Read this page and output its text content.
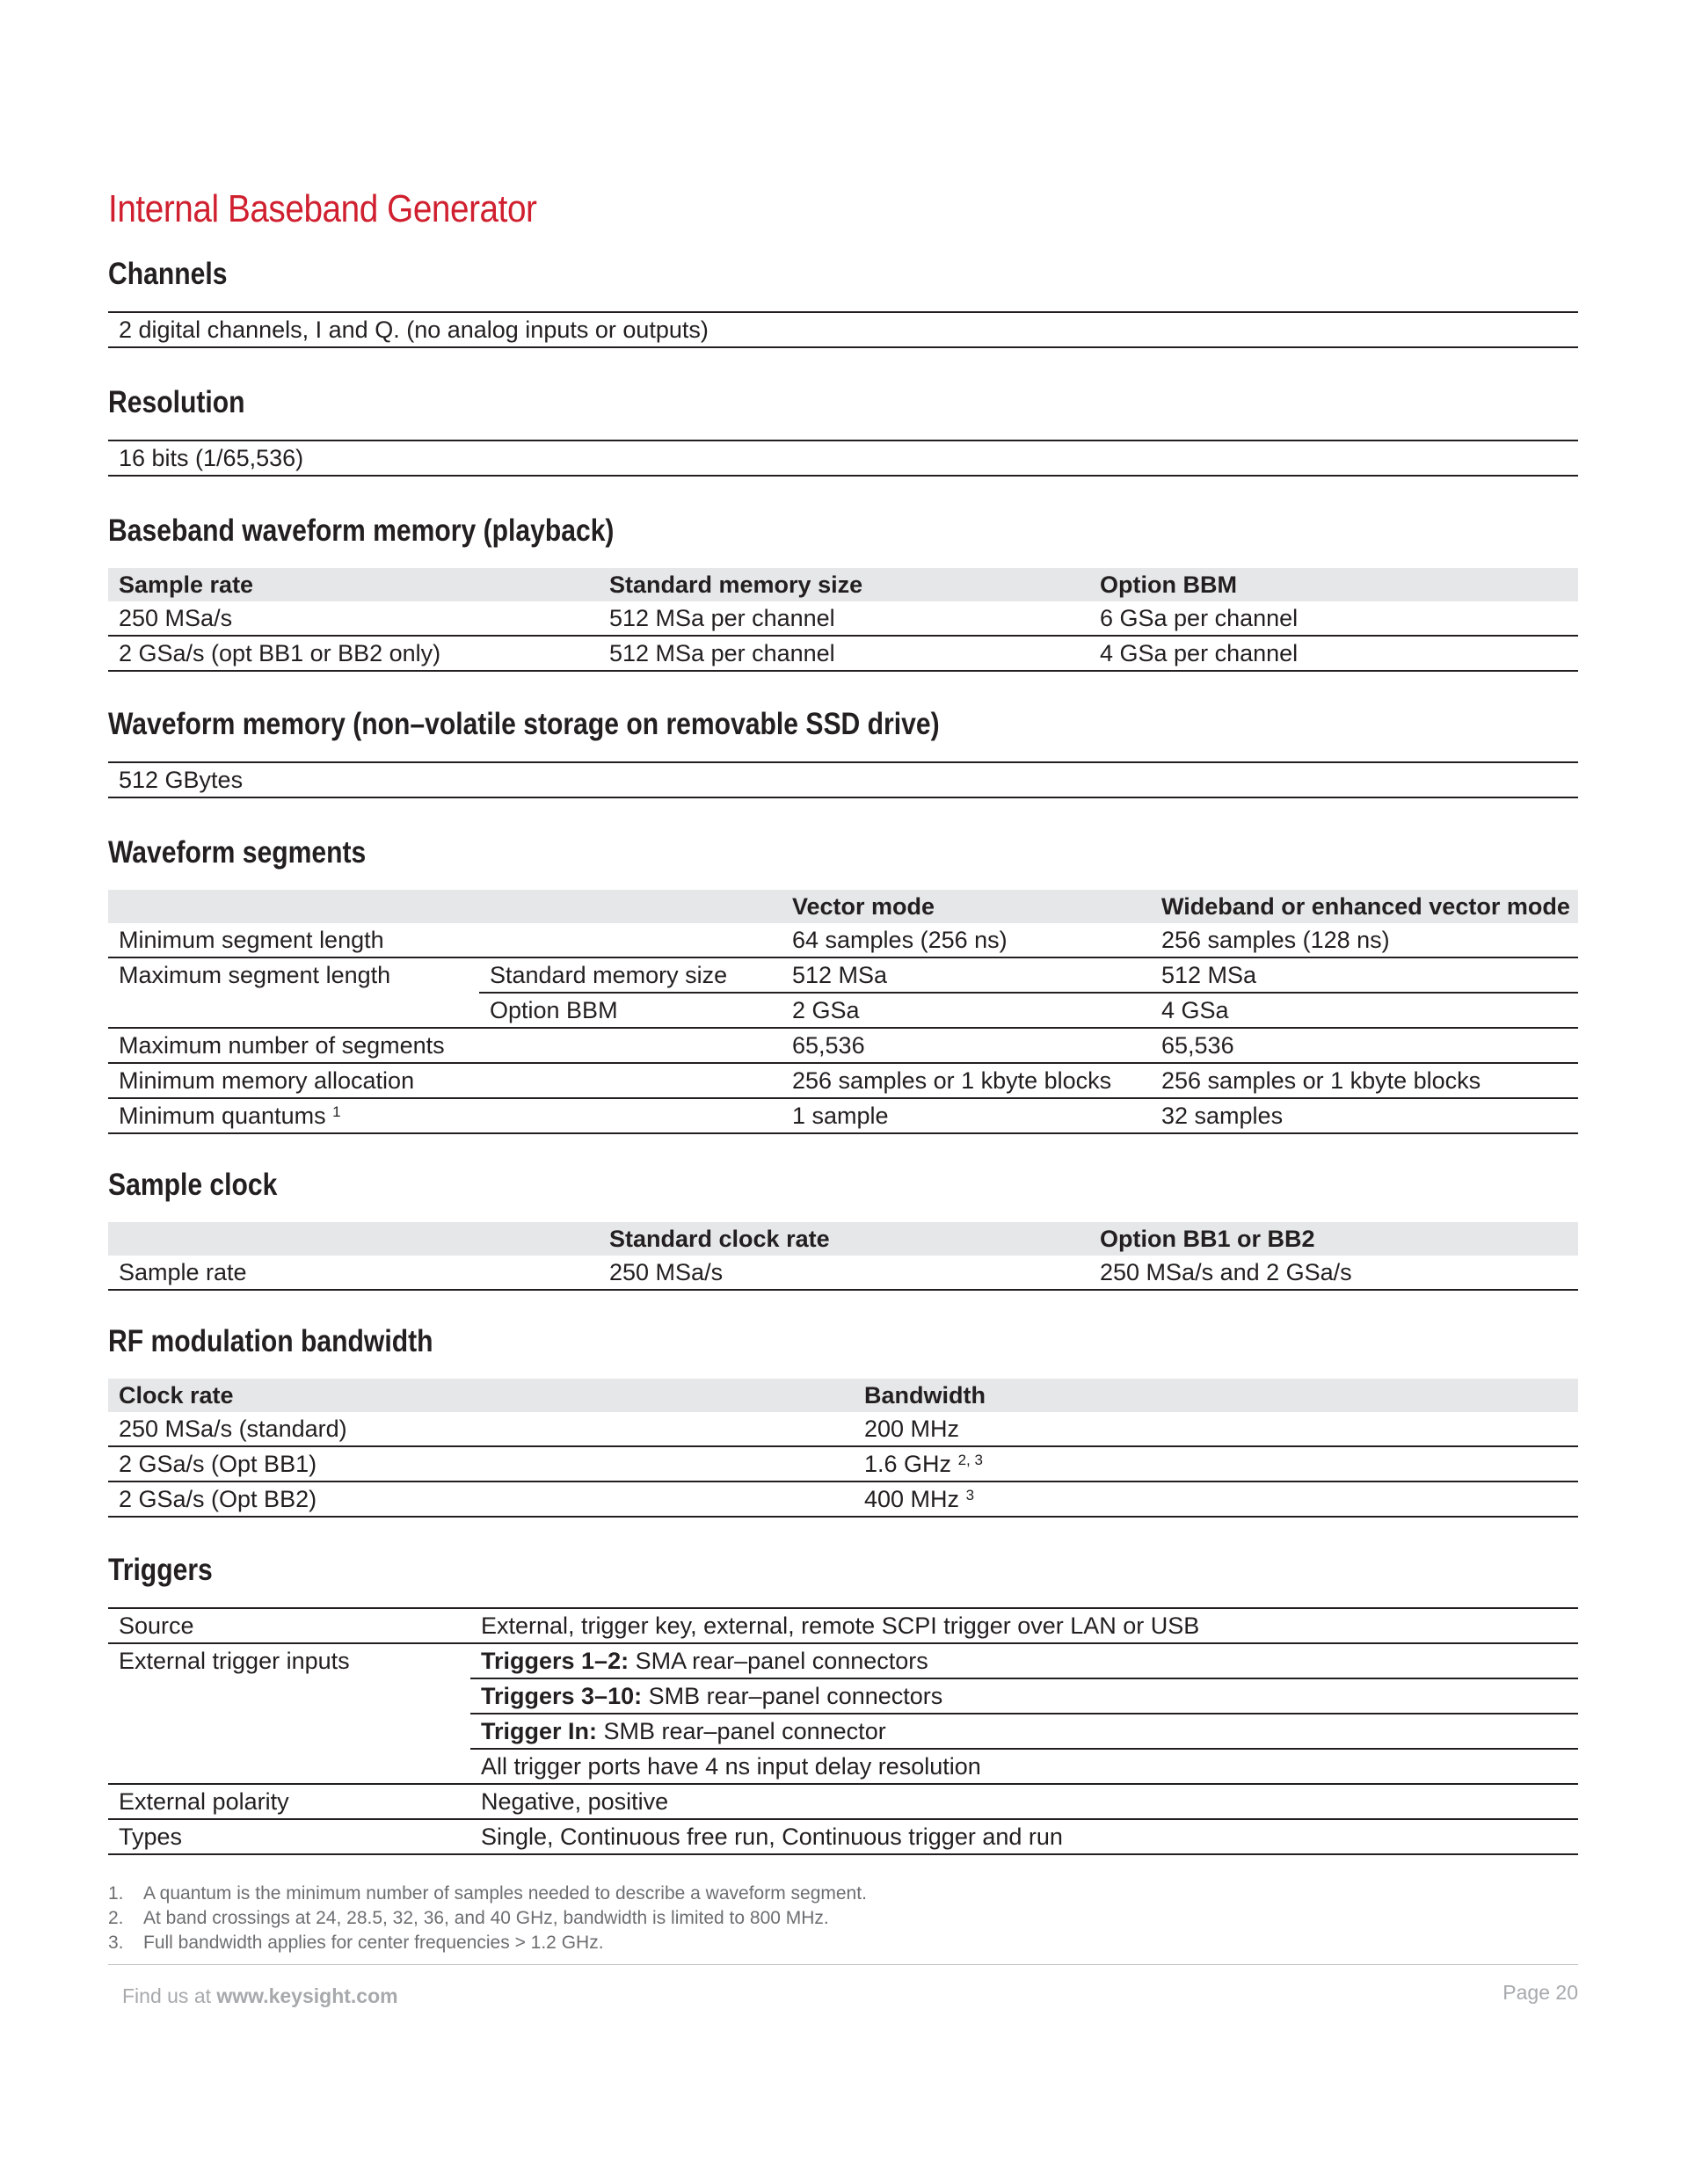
Internal Baseband Generator
Channels
2 digital channels, I and Q. (no analog inputs or outputs)
Resolution
16 bits (1/65,536)
Baseband waveform memory (playback)
Sample rate	Standard memory size	Option BBM
250 MSa/s	512 MSa per channel	6 GSa per channel
2 GSa/s (opt BB1 or BB2 only)	512 MSa per channel	4 GSa per channel
Waveform memory (non–volatile storage on removable SSD drive)
512 GBytes
Waveform segments
		Vector mode	Wideband or enhanced vector mode
Minimum segment length		64 samples (256 ns)	256 samples (128 ns)
Maximum segment length	Standard memory size	512 MSa	512 MSa
	Option BBM	2 GSa	4 GSa
Maximum number of segments		65,536	65,536
Minimum memory allocation		256 samples or 1 kbyte blocks	256 samples or 1 kbyte blocks
Minimum quantums $^1$		1 sample	32 samples
Sample clock
	Standard clock rate	Option BB1 or BB2
Sample rate	250 MSa/s	250 MSa/s and 2 GSa/s
RF modulation bandwidth
Clock rate	Bandwidth
250 MSa/s (standard)	200 MHz
2 GSa/s (Opt BB1)	1.6 GHz $^{2, 3}$
2 GSa/s (Opt BB2)	400 MHz $^3$
Triggers
Source	External, trigger key, external, remote SCPI trigger over LAN or USB
External trigger inputs	Triggers 1–2: SMA rear–panel connectors
	Triggers 3–10: SMB rear–panel connectors
	Trigger In: SMB rear–panel connector
	All trigger ports have 4 ns input delay resolution
External polarity	Negative, positive
Types	Single, Continuous free run, Continuous trigger and run
1.	A quantum is the minimum number of samples needed to describe a waveform segment.
2.	At band crossings at 24, 28.5, 32, 36, and 40 GHz, bandwidth is limited to 800 MHz.
3.	Full bandwidth applies for center frequencies > 1.2 GHz.
Find us at www.keysight.com	Page 20
